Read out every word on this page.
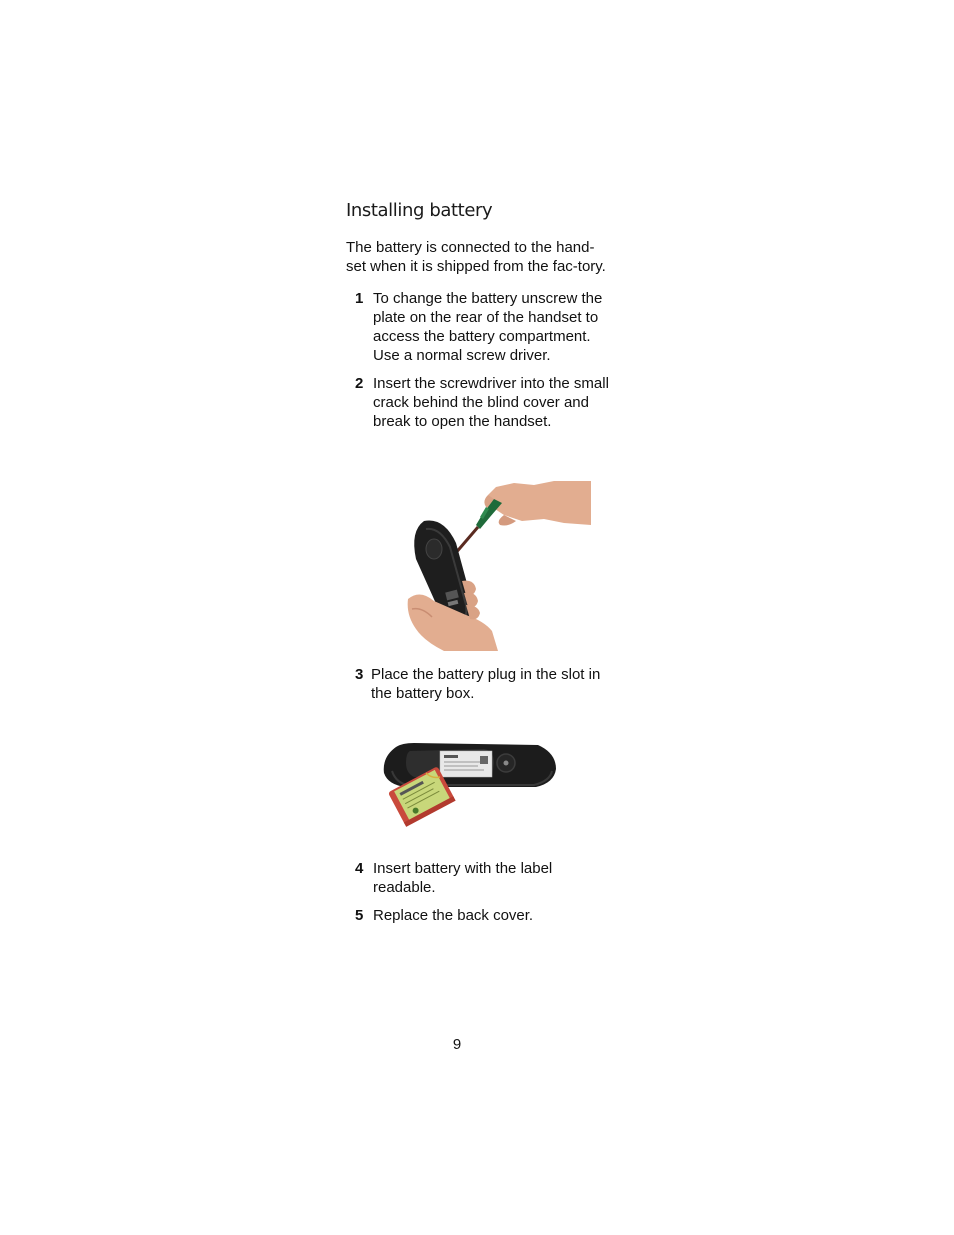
Installing battery

The battery is connected to the hand-set when it is shipped from the fac-tory.

1 To change the battery unscrew the plate on the rear of the handset to access the battery compartment. Use a normal screw driver.
2 Insert the screwdriver into the small crack behind the blind cover and break to open the handset.
3 Place the battery plug in the slot in the battery box.
4 Insert battery with the label readable.
5 Replace the back cover.
9
